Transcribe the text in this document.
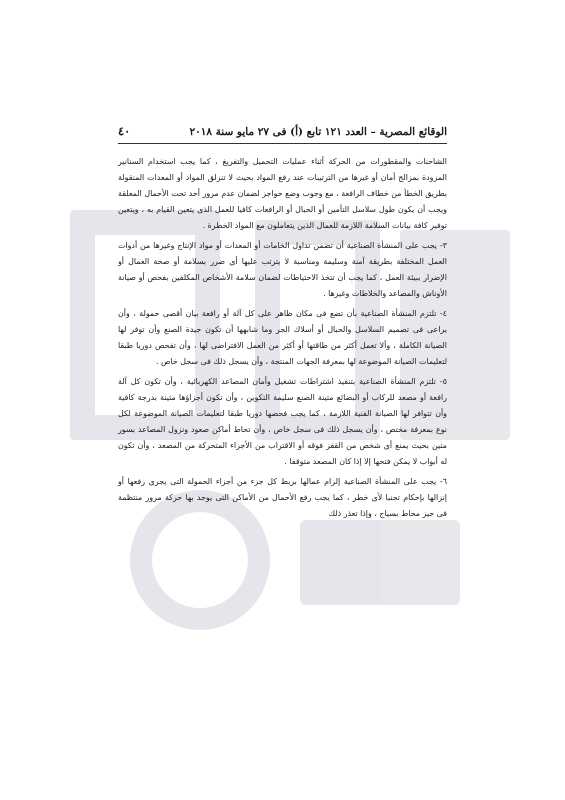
الوقائع المصرية – العدد ١٢١ تابع (أ) فى ٢٧ مايو سنة ٢٠١٨
٤٠

الشاحنات والمقطورات من الحركة أثناء عمليات التحميل والتفريغ ، كما يجب استخدام السنانير المزودة بمزالج أمان أو غيرها من الترتيبات عند رفع المواد بحيث لا تنزلق المواد أو المعدات المنقولة بطريق الخطأ من خطاف الرافعة ، مع وجوب وضع حواجز لضمان عدم مرور أحد تحت الأحمال المعلقة ويجب أن يكون طول سلاسل التأمين أو الحبال أو الرافعات كافيا للعمل الذى يتعين القيام به ، ويتعين توفير كافة بيانات السلامة اللازمة للعمال الذين يتعاملون مع المواد الخطرة .

٣- يجب على المنشأة الصناعية أن تضمن تداول الخامات أو المعدات أو مواد الإنتاج وغيرها من أدوات العمل المختلفة بطريقة آمنة وسليمة ومناسبة لا يترتب عليها أى ضرر بسلامة أو صحة العمال أو الإضرار ببيئة العمل ، كما يجب أن تتخذ الاحتياطات لضمان سلامة الأشخاص المكلفين بفحص أو صيانة الأوناش والمصاعد والخلاطات وغيرها .

٤- تلتزم المنشأة الصناعية بأن تضع فى مكان ظاهر على كل آلة أو رافعة بيان أقصى حمولة ، وأن يراعى فى تصميم السلاسل والحبال أو أسلاك الجر وما شابهها أن تكون جيدة الصنع وأن توفر لها الصيانة الكاملة ، وألا تعمل أكثر من طاقتها أو أكثر من العمل الافتراضى لها ، وأن تفحص دوريا طبقا لتعليمات الصيانة الموضوعة لها بمعرفة الجهات المنتجة ، وأن يسجل ذلك فى سجل خاص .

٥- تلتزم المنشأة الصناعية بتنفيذ اشتراطات تشغيل وأمان المصاعد الكهربائية ، وأن تكون كل آلة رافعة أو مصعد للركاب أو البضائع متينة الصنع سليمة التكوين ، وأن تكون أجزاؤها متينة بدرجة كافية وأن تتوافر لها الصيانة الفنية اللازمة ، كما يجب فحصها دوريا طبقا لتعليمات الصيانة الموضوعة لكل نوع بمعرفة مختص ، وأن يسجل ذلك فى سجل خاص ، وأن تحاط أماكن صعود ونزول المصاعد بسور متين بحيث يمنع أى شخص من القفز فوقه أو الاقتراب من الأجزاء المتحركة من المصعد ، وأن تكون له أبواب لا يمكن فتحها إلا إذا كان المصعد متوقفا .

٦- يجب على المنشأة الصناعية إلزام عمالها بربط كل جزء من أجزاء الحمولة التى يجرى رفعها أو إنزالها بإحكام تجنبا لأى خطر ، كما يجب رفع الأحمال من الأماكن التى يوجد بها حركة مرور منتظمة فى حيز محاط بسياج ، وإذا تعذر ذلك
